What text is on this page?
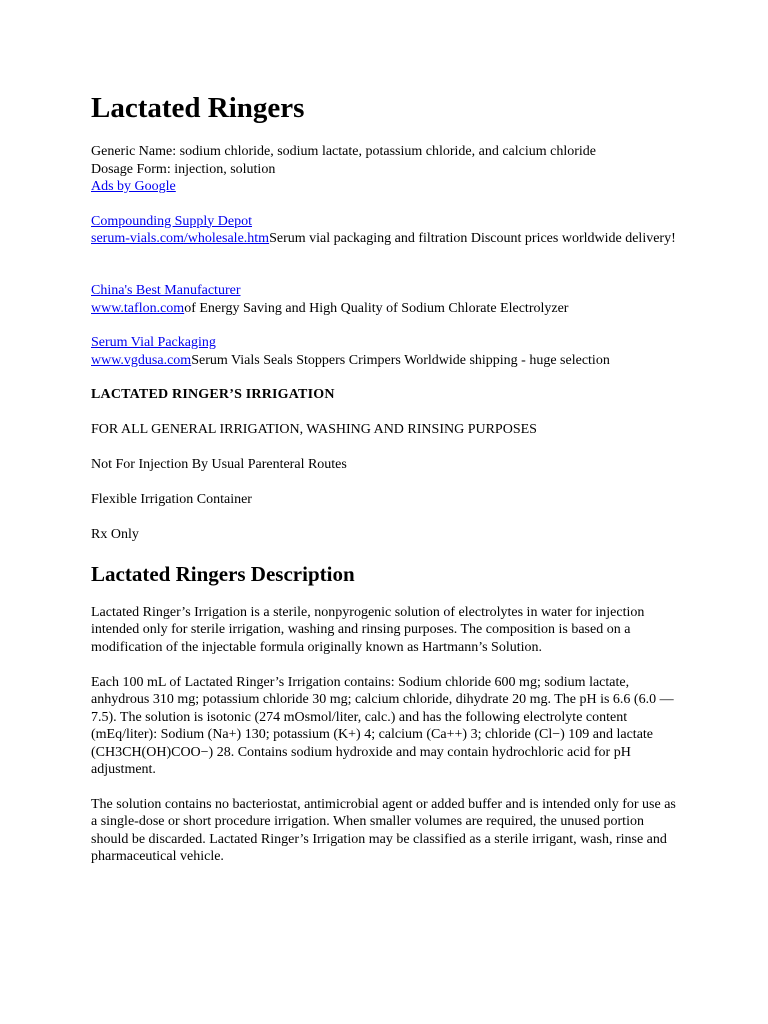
Lactated Ringers
Generic Name: sodium chloride, sodium lactate, potassium chloride, and calcium chloride
Dosage Form: injection, solution
Ads by Google
Compounding Supply Depot
serum-vials.com/wholesale.htmSerum vial packaging and filtration Discount prices worldwide delivery!
China's Best Manufacturer
www.taflon.comof Energy Saving and High Quality of Sodium Chlorate Electrolyzer
Serum Vial Packaging
www.vgdusa.comSerum Vials Seals Stoppers Crimpers Worldwide shipping - huge selection
LACTATED RINGER’S IRRIGATION
FOR ALL GENERAL IRRIGATION, WASHING AND RINSING PURPOSES
Not For Injection By Usual Parenteral Routes
Flexible Irrigation Container
Rx Only
Lactated Ringers Description
Lactated Ringer’s Irrigation is a sterile, nonpyrogenic solution of electrolytes in water for injection intended only for sterile irrigation, washing and rinsing purposes. The composition is based on a modification of the injectable formula originally known as Hartmann’s Solution.
Each 100 mL of Lactated Ringer’s Irrigation contains: Sodium chloride 600 mg; sodium lactate, anhydrous 310 mg; potassium chloride 30 mg; calcium chloride, dihydrate 20 mg. The pH is 6.6 (6.0 — 7.5). The solution is isotonic (274 mOsmol/liter, calc.) and has the following electrolyte content (mEq/liter): Sodium (Na+) 130; potassium (K+) 4; calcium (Ca++) 3; chloride (Cl−) 109 and lactate (CH3CH(OH)COO−) 28. Contains sodium hydroxide and may contain hydrochloric acid for pH adjustment.
The solution contains no bacteriostat, antimicrobial agent or added buffer and is intended only for use as a single-dose or short procedure irrigation. When smaller volumes are required, the unused portion should be discarded. Lactated Ringer’s Irrigation may be classified as a sterile irrigant, wash, rinse and pharmaceutical vehicle.
